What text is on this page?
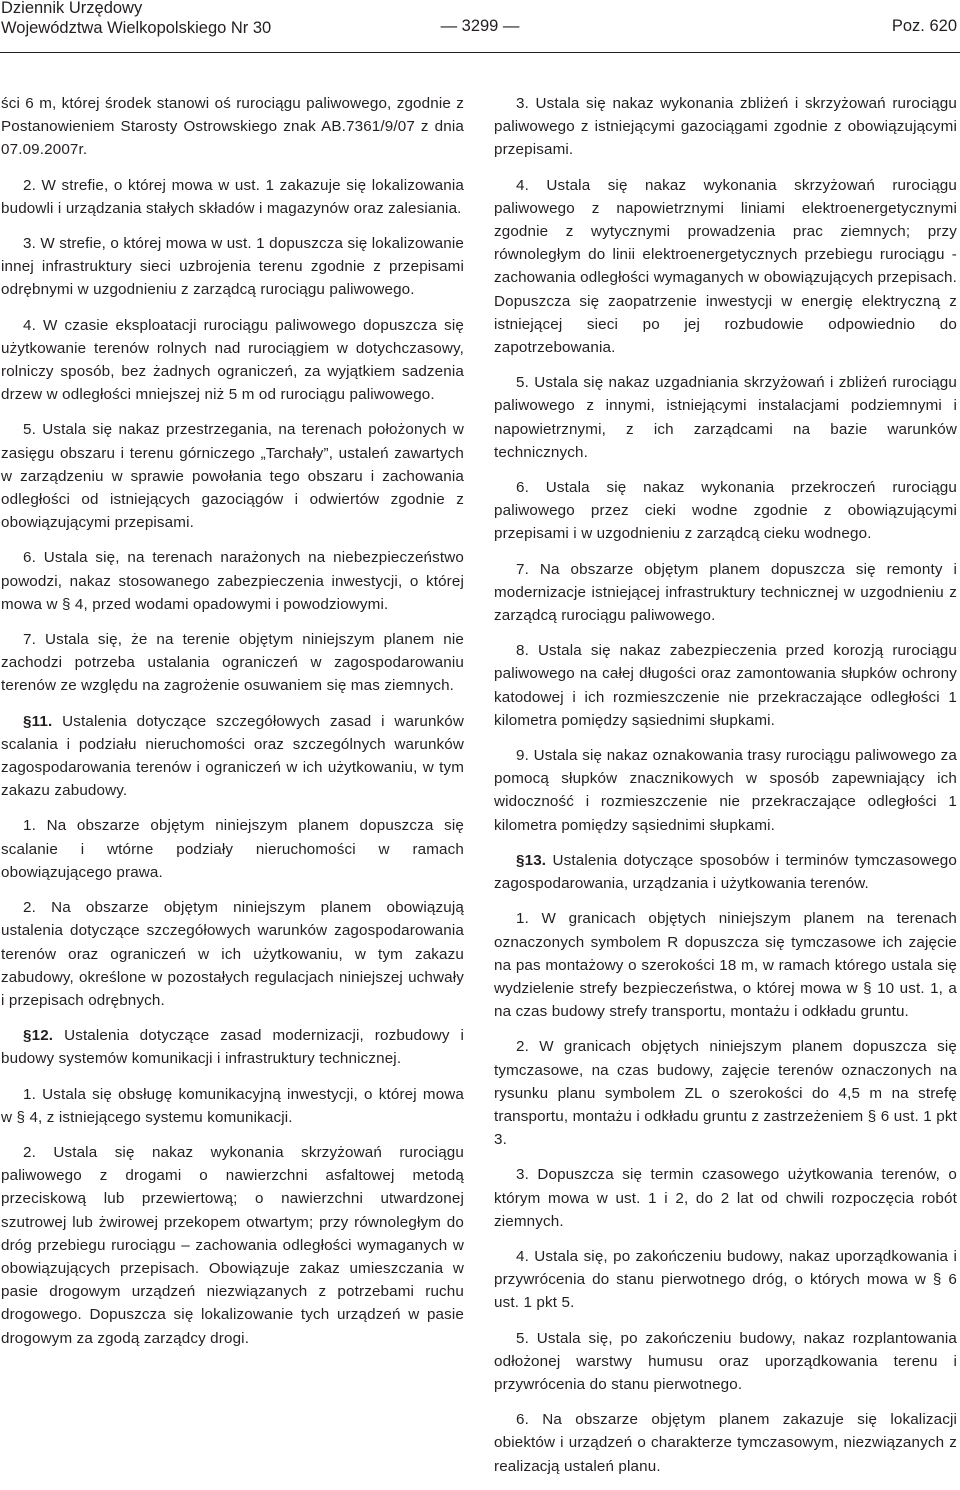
Dziennik Urzędowy
Województwa Wielkopolskiego Nr 30	— 3299 —	Poz. 620

ści 6 m, której środek stanowi oś rurociągu paliwowego, zgodnie z Postanowieniem Starosty Ostrowskiego znak AB.7361/9/07 z dnia 07.09.2007r.

2. W strefie, o której mowa w ust. 1 zakazuje się lokalizowania budowli i urządzania stałych składów i magazynów oraz zalesiania.

3. W strefie, o której mowa w ust. 1 dopuszcza się lokalizowanie innej infrastruktury sieci uzbrojenia terenu zgodnie z przepisami odrębnymi w uzgodnieniu z zarządcą rurociągu paliwowego.

4. W czasie eksploatacji rurociągu paliwowego dopuszcza się użytkowanie terenów rolnych nad rurociągiem w dotychczasowy, rolniczy sposób, bez żadnych ograniczeń, za wyjątkiem sadzenia drzew w odległości mniejszej niż 5 m od rurociągu paliwowego.

5. Ustala się nakaz przestrzegania, na terenach położonych w zasięgu obszaru i terenu górniczego „Tarchały”, ustaleń zawartych w zarządzeniu w sprawie powołania tego obszaru i zachowania odległości od istniejących gazociągów i odwiertów zgodnie z obowiązującymi przepisami.

6. Ustala się, na terenach narażonych na niebezpieczeństwo powodzi, nakaz stosowanego zabezpieczenia inwestycji, o której mowa w § 4, przed wodami opadowymi i powodziowymi.

7. Ustala się, że na terenie objętym niniejszym planem nie zachodzi potrzeba ustalania ograniczeń w zagospodarowaniu terenów ze względu na zagrożenie osuwaniem się mas ziemnych.

§11. Ustalenia dotyczące szczegółowych zasad i warunków scalania i podziału nieruchomości oraz szczególnych warunków zagospodarowania terenów i ograniczeń w ich użytkowaniu, w tym zakazu zabudowy.

1. Na obszarze objętym niniejszym planem dopuszcza się scalanie i wtórne podziały nieruchomości w ramach obowiązującego prawa.

2. Na obszarze objętym niniejszym planem obowiązują ustalenia dotyczące szczegółowych warunków zagospodarowania terenów oraz ograniczeń w ich użytkowaniu, w tym zakazu zabudowy, określone w pozostałych regulacjach niniejszej uchwały i przepisach odrębnych.

§12. Ustalenia dotyczące zasad modernizacji, rozbudowy i budowy systemów komunikacji i infrastruktury technicznej.

1. Ustala się obsługę komunikacyjną inwestycji, o której mowa w § 4, z istniejącego systemu komunikacji.

2. Ustala się nakaz wykonania skrzyżowań rurociągu paliwowego z drogami o nawierzchni asfaltowej metodą przeciskową lub przewiertową; o nawierzchni utwardzonej szutrowej lub żwirowej przekopem otwartym; przy równoległym do dróg przebiegu rurociągu – zachowania odległości wymaganych w obowiązujących przepisach. Obowiązuje zakaz umieszczania w pasie drogowym urządzeń niezwiązanych z potrzebami ruchu drogowego. Dopuszcza się lokalizowanie tych urządzeń w pasie drogowym za zgodą zarządcy drogi.

3. Ustala się nakaz wykonania zbliżeń i skrzyżowań rurociągu paliwowego z istniejącymi gazociągami zgodnie z obowiązującymi przepisami.

4. Ustala się nakaz wykonania skrzyżowań rurociągu paliwowego z napowietrznymi liniami elektroenergetycznymi zgodnie z wytycznymi prowadzenia prac ziemnych; przy równoległym do linii elektroenergetycznych przebiegu rurociągu - zachowania odległości wymaganych w obowiązujących przepisach. Dopuszcza się zaopatrzenie inwestycji w energię elektryczną z istniejącej sieci po jej rozbudowie odpowiednio do zapotrzebowania.

5. Ustala się nakaz uzgadniania skrzyżowań i zbliżeń rurociągu paliwowego z innymi, istniejącymi instalacjami podziemnymi i napowietrznymi, z ich zarządcami na bazie warunków technicznych.

6. Ustala się nakaz wykonania przekroczeń rurociągu paliwowego przez cieki wodne zgodnie z obowiązującymi przepisami i w uzgodnieniu z zarządcą cieku wodnego.

7. Na obszarze objętym planem dopuszcza się remonty i modernizacje istniejącej infrastruktury technicznej w uzgodnieniu z zarządcą rurociągu paliwowego.

8. Ustala się nakaz zabezpieczenia przed korozją rurociągu paliwowego na całej długości oraz zamontowania słupków ochrony katodowej i ich rozmieszczenie nie przekraczające odległości 1 kilometra pomiędzy sąsiednimi słupkami.

9. Ustala się nakaz oznakowania trasy rurociągu paliwowego za pomocą słupków znacznikowych w sposób zapewniający ich widoczność i rozmieszczenie nie przekraczające odległości 1 kilometra pomiędzy sąsiednimi słupkami.

§13. Ustalenia dotyczące sposobów i terminów tymczasowego zagospodarowania, urządzania i użytkowania terenów.

1. W granicach objętych niniejszym planem na terenach oznaczonych symbolem R dopuszcza się tymczasowe ich zajęcie na pas montażowy o szerokości 18 m, w ramach którego ustala się wydzielenie strefy bezpieczeństwa, o której mowa w § 10 ust. 1, a na czas budowy strefy transportu, montażu i odkładu gruntu.

2. W granicach objętych niniejszym planem dopuszcza się tymczasowe, na czas budowy, zajęcie terenów oznaczonych na rysunku planu symbolem ZL o szerokości do 4,5 m na strefę transportu, montażu i odkładu gruntu z zastrzeżeniem § 6 ust. 1 pkt 3.

3. Dopuszcza się termin czasowego użytkowania terenów, o którym mowa w ust. 1 i 2, do 2 lat od chwili rozpoczęcia robót ziemnych.

4. Ustala się, po zakończeniu budowy, nakaz uporządkowania i przywrócenia do stanu pierwotnego dróg, o których mowa w § 6 ust. 1 pkt 5.

5. Ustala się, po zakończeniu budowy, nakaz rozplantowania odłożonej warstwy humusu oraz uporządkowania terenu i przywrócenia do stanu pierwotnego.

6. Na obszarze objętym planem zakazuje się lokalizacji obiektów i urządzeń o charakterze tymczasowym, niezwiązanych z realizacją ustaleń planu.
